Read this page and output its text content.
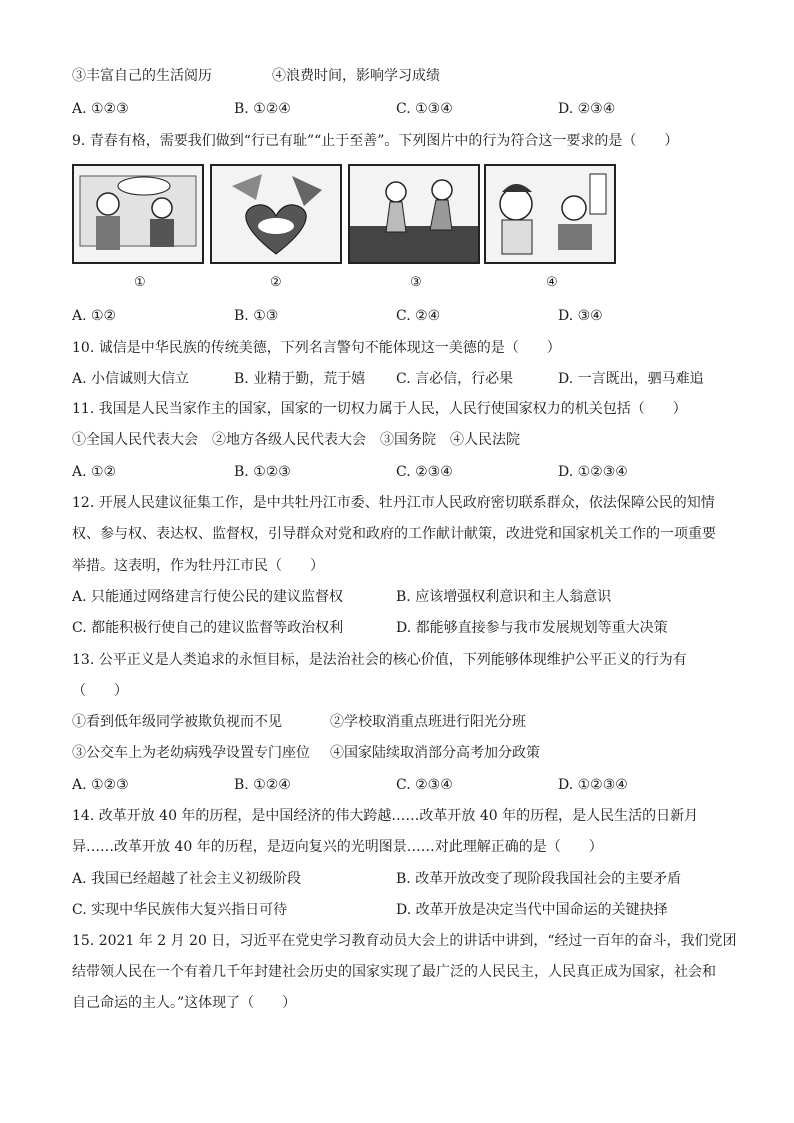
③丰富自己的生活阅历	④浪费时间，影响学习成绩
A. ①②③	B. ①②④	C. ①③④	D. ②③④
9. 青春有格，需要我们做到“行已有耻”“止于至善”。下列图片中的行为符合这一要求的是（　　）
①	②	③	④
A. ①②	B. ①③	C. ②④	D. ③④
10. 诚信是中华民族的传统美德，下列名言警句不能体现这一美德的是（　　）
A. 小信诚则大信立	B. 业精于勤，荒于嬉 C. 言必信，行必果	D. 一言既出，驷马难追
11. 我国是人民当家作主的国家，国家的一切权力属于人民，人民行使国家权力的机关包括（　　）
①全国人民代表大会　②地方各级人民代表大会　③国务院　④人民法院
A. ①②	B. ①②③	C. ②③④	D. ①②③④
12. 开展人民建议征集工作，是中共牡丹江市委、牡丹江市人民政府密切联系群众，依法保障公民的知情
权、参与权、表达权、监督权，引导群众对党和政府的工作献计献策，改进党和国家机关工作的一项重要
举措。这表明，作为牡丹江市民（　　）
A. 只能通过网络建言行使公民的建议监督权	B. 应该增强权利意识和主人翁意识
C. 都能积极行使自己的建议监督等政治权利	D. 都能够直接参与我市发展规划等重大决策
13. 公平正义是人类追求的永恒目标，是法治社会的核心价值，下列能够体现维护公平正义的行为有
（　　）
①看到低年级同学被欺负视而不见	②学校取消重点班进行阳光分班
③公交车上为老幼病残孕设置专门座位 ④国家陆续取消部分高考加分政策
A. ①②③	B. ①②④	C. ②③④	D. ①②③④
14. 改革开放 40 年的历程，是中国经济的伟大跨越……改革开放 40 年的历程，是人民生活的日新月
异……改革开放 40 年的历程，是迈向复兴的光明图景……对此理解正确的是（　　）
A. 我国已经超越了社会主义初级阶段	B. 改革开放改变了现阶段我国社会的主要矛盾
C. 实现中华民族伟大复兴指日可待	D. 改革开放是决定当代中国命运的关键抉择
15. 2021 年 2 月 20 日，习近平在党史学习教育动员大会上的讲话中讲到，“经过一百年的奋斗，我们党团
结带领人民在一个有着几千年封建社会历史的国家实现了最广泛的人民民主，人民真正成为国家，社会和
自己命运的主人。”这体现了（　　）
